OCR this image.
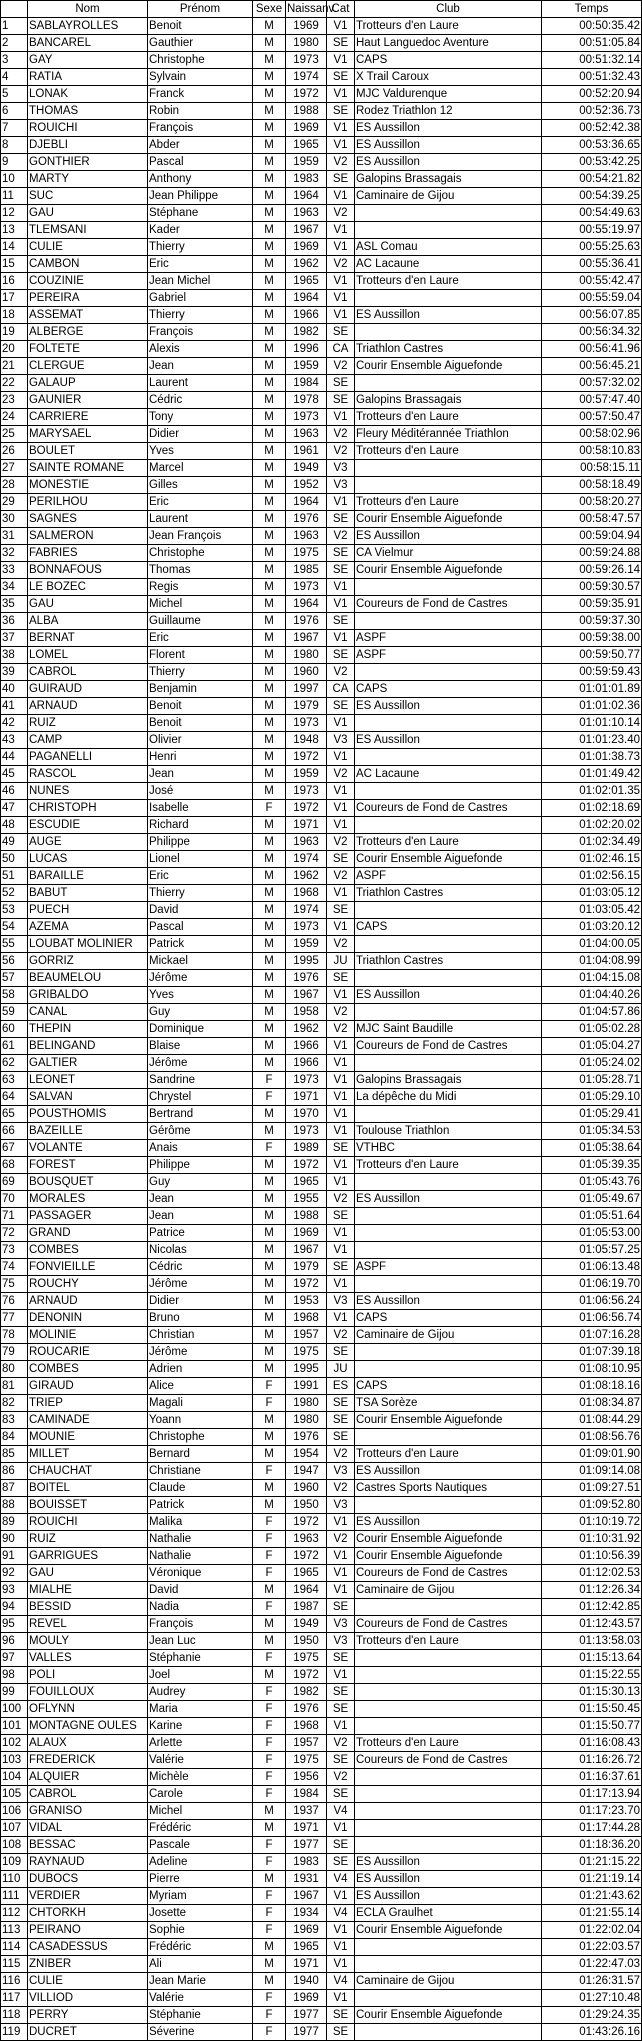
	Nom	Prénom	Sexe	Naissanv.	Cat	Club	Temps
1	SABLAYROLLES	Benoit	M	1969	V1	Trotteurs d'en Laure	00:50:35.42
2	BANCAREL	Gauthier	M	1980	SE	Haut Languedoc Aventure	00:51:05.84
3	GAY	Christophe	M	1973	V1	CAPS	00:51:32.14
4	RATIA	Sylvain	M	1974	SE	X Trail Caroux	00:51:32.43
5	LONAK	Franck	M	1972	V1	MJC Valdurenque	00:52:20.94
6	THOMAS	Robin	M	1988	SE	Rodez Triathlon 12	00:52:36.73
7	ROUICHI	François	M	1969	V1	ES Aussillon	00:52:42.38
8	DJEBLI	Abder	M	1965	V1	ES Aussillon	00:53:36.65
9	GONTHIER	Pascal	M	1959	V2	ES Aussillon	00:53:42.25
10	MARTY	Anthony	M	1983	SE	Galopins Brassagais	00:54:21.82
11	SUC	Jean Philippe	M	1964	V1	Caminaire de Gijou	00:54:39.25
12	GAU	Stéphane	M	1963	V2		00:54:49.63
13	TLEMSANI	Kader	M	1967	V1		00:55:19.97
14	CULIE	Thierry	M	1969	V1	ASL Comau	00:55:25.63
15	CAMBON	Eric	M	1962	V2	AC Lacaune	00:55:36.41
16	COUZINIE	Jean Michel	M	1965	V1	Trotteurs d'en Laure	00:55:42.47
17	PEREIRA	Gabriel	M	1964	V1		00:55:59.04
18	ASSEMAT	Thierry	M	1966	V1	ES Aussillon	00:56:07.85
19	ALBERGE	François	M	1982	SE		00:56:34.32
20	FOLTETE	Alexis	M	1996	CA	Triathlon Castres	00:56:41.96
21	CLERGUE	Jean	M	1959	V2	Courir Ensemble Aiguefonde	00:56:45.21
22	GALAUP	Laurent	M	1984	SE		00:57:32.02
23	GAUNIER	Cédric	M	1978	SE	Galopins Brassagais	00:57:47.40
24	CARRIERE	Tony	M	1973	V1	Trotteurs d'en Laure	00:57:50.47
25	MARYSAEL	Didier	M	1963	V2	Fleury Méditérannée Triathlon	00:58:02.96
26	BOULET	Yves	M	1961	V2	Trotteurs d'en Laure	00:58:10.83
27	SAINTE ROMANE	Marcel	M	1949	V3		00:58:15.11
28	MONESTIE	Gilles	M	1952	V3		00:58:18.49
29	PERILHOU	Eric	M	1964	V1	Trotteurs d'en Laure	00:58:20.27
30	SAGNES	Laurent	M	1976	SE	Courir Ensemble Aiguefonde	00:58:47.57
31	SALMERON	Jean François	M	1963	V2	ES Aussillon	00:59:04.94
32	FABRIES	Christophe	M	1975	SE	CA Vielmur	00:59:24.88
33	BONNAFOUS	Thomas	M	1985	SE	Courir Ensemble Aiguefonde	00:59:26.14
34	LE BOZEC	Regis	M	1973	V1		00:59:30.57
35	GAU	Michel	M	1964	V1	Coureurs de Fond de Castres	00:59:35.91
36	ALBA	Guillaume	M	1976	SE		00:59:37.30
37	BERNAT	Eric	M	1967	V1	ASPF	00:59:38.00
38	LOMEL	Florent	M	1980	SE	ASPF	00:59:50.77
39	CABROL	Thierry	M	1960	V2		00:59:59.43
40	GUIRAUD	Benjamin	M	1997	CA	CAPS	01:01:01.89
41	ARNAUD	Benoit	M	1979	SE	ES Aussillon	01:01:02.36
42	RUIZ	Benoit	M	1973	V1		01:01:10.14
43	CAMP	Olivier	M	1948	V3	ES Aussillon	01:01:23.40
44	PAGANELLI	Henri	M	1972	V1		01:01:38.73
45	RASCOL	Jean	M	1959	V2	AC Lacaune	01:01:49.42
46	NUNES	José	M	1973	V1		01:02:01.35
47	CHRISTOPH	Isabelle	F	1972	V1	Coureurs de Fond de Castres	01:02:18.69
48	ESCUDIE	Richard	M	1971	V1		01:02:20.02
49	AUGE	Philippe	M	1963	V2	Trotteurs d'en Laure	01:02:34.49
50	LUCAS	Lionel	M	1974	SE	Courir Ensemble Aiguefonde	01:02:46.15
51	BARAILLE	Eric	M	1962	V2	ASPF	01:02:56.15
52	BABUT	Thierry	M	1968	V1	Triathlon Castres	01:03:05.12
53	PUECH	David	M	1974	SE		01:03:05.42
54	AZEMA	Pascal	M	1973	V1	CAPS	01:03:20.12
55	LOUBAT MOLINIER	Patrick	M	1959	V2		01:04:00.05
56	GORRIZ	Mickael	M	1995	JU	Triathlon Castres	01:04:08.99
57	BEAUMELOU	Jérôme	M	1976	SE		01:04:15.08
58	GRIBALDO	Yves	M	1967	V1	ES Aussillon	01:04:40.26
59	CANAL	Guy	M	1958	V2		01:04:57.86
60	THEPIN	Dominique	M	1962	V2	MJC Saint Baudille	01:05:02.28
61	BELINGAND	Blaise	M	1966	V1	Coureurs de Fond de Castres	01:05:04.27
62	GALTIER	Jérôme	M	1966	V1		01:05:24.02
63	LEONET	Sandrine	F	1973	V1	Galopins Brassagais	01:05:28.71
64	SALVAN	Chrystel	F	1971	V1	La dépêche du Midi	01:05:29.10
65	POUSTHOMIS	Bertrand	M	1970	V1		01:05:29.41
66	BAZEILLE	Gérôme	M	1973	V1	Toulouse Triathlon	01:05:34.53
67	VOLANTE	Anais	F	1989	SE	VTHBC	01:05:38.64
68	FOREST	Philippe	M	1972	V1	Trotteurs d'en Laure	01:05:39.35
69	BOUSQUET	Guy	M	1965	V1		01:05:43.76
70	MORALES	Jean	M	1955	V2	ES Aussillon	01:05:49.67
71	PASSAGER	Jean	M	1988	SE		01:05:51.64
72	GRAND	Patrice	M	1969	V1		01:05:53.00
73	COMBES	Nicolas	M	1967	V1		01:05:57.25
74	FONVIEILLE	Cédric	M	1979	SE	ASPF	01:06:13.48
75	ROUCHY	Jérôme	M	1972	V1		01:06:19.70
76	ARNAUD	Didier	M	1953	V3	ES Aussillon	01:06:56.24
77	DENONIN	Bruno	M	1968	V1	CAPS	01:06:56.74
78	MOLINIE	Christian	M	1957	V2	Caminaire de Gijou	01:07:16.28
79	ROUCARIE	Jérôme	M	1975	SE		01:07:39.18
80	COMBES	Adrien	M	1995	JU		01:08:10.95
81	GIRAUD	Alice	F	1991	ES	CAPS	01:08:18.16
82	TRIEP	Magali	F	1980	SE	TSA Sorèze	01:08:34.87
83	CAMINADE	Yoann	M	1980	SE	Courir Ensemble Aiguefonde	01:08:44.29
84	MOUNIE	Christophe	M	1976	SE		01:08:56.76
85	MILLET	Bernard	M	1954	V2	Trotteurs d'en Laure	01:09:01.90
86	CHAUCHAT	Christiane	F	1947	V3	ES Aussillon	01:09:14.08
87	BOITEL	Claude	M	1960	V2	Castres Sports Nautiques	01:09:27.51
88	BOUISSET	Patrick	M	1950	V3		01:09:52.80
89	ROUICHI	Malika	F	1972	V1	ES Aussillon	01:10:19.72
90	RUIZ	Nathalie	F	1963	V2	Courir Ensemble Aiguefonde	01:10:31.92
91	GARRIGUES	Nathalie	F	1972	V1	Courir Ensemble Aiguefonde	01:10:56.39
92	GAU	Véronique	F	1965	V1	Coureurs de Fond de Castres	01:12:02.53
93	MIALHE	David	M	1964	V1	Caminaire de Gijou	01:12:26.34
94	BESSID	Nadia	F	1987	SE		01:12:42.85
95	REVEL	François	M	1949	V3	Coureurs de Fond de Castres	01:12:43.57
96	MOULY	Jean Luc	M	1950	V3	Trotteurs d'en Laure	01:13:58.03
97	VALLES	Stéphanie	F	1975	SE		01:15:13.64
98	POLI	Joel	M	1972	V1		01:15:22.55
99	FOUILLOUX	Audrey	F	1982	SE		01:15:30.13
100	OFLYNN	Maria	F	1976	SE		01:15:50.45
101	MONTAGNE OULES	Karine	F	1968	V1		01:15:50.77
102	ALAUX	Arlette	F	1957	V2	Trotteurs d'en Laure	01:16:08.43
103	FREDERICK	Valérie	F	1975	SE	Coureurs de Fond de Castres	01:16:26.72
104	ALQUIER	Michèle	F	1956	V2		01:16:37.61
105	CABROL	Carole	F	1984	SE		01:17:13.94
106	GRANISO	Michel	M	1937	V4		01:17:23.70
107	VIDAL	Frédéric	M	1971	V1		01:17:44.28
108	BESSAC	Pascale	F	1977	SE		01:18:36.20
109	RAYNAUD	Adeline	F	1983	SE	ES Aussillon	01:21:15.22
110	DUBOCS	Pierre	M	1931	V4	ES Aussillon	01:21:19.14
111	VERDIER	Myriam	F	1967	V1	ES Aussillon	01:21:43.62
112	CHTORKH	Josette	F	1934	V4	ECLA Graulhet	01:21:55.14
113	PEIRANO	Sophie	F	1969	V1	Courir Ensemble Aiguefonde	01:22:02.04
114	CASADESSUS	Frédéric	M	1965	V1		01:22:03.57
115	ZNIBER	Ali	M	1971	V1		01:22:47.03
116	CULIE	Jean Marie	M	1940	V4	Caminaire de Gijou	01:26:31.57
117	VILLIOD	Valérie	F	1969	V1		01:27:10.48
118	PERRY	Stéphanie	F	1977	SE	Courir Ensemble Aiguefonde	01:29:24.35
119	DUCRET	Séverine	F	1977	SE		01:43:26.16
